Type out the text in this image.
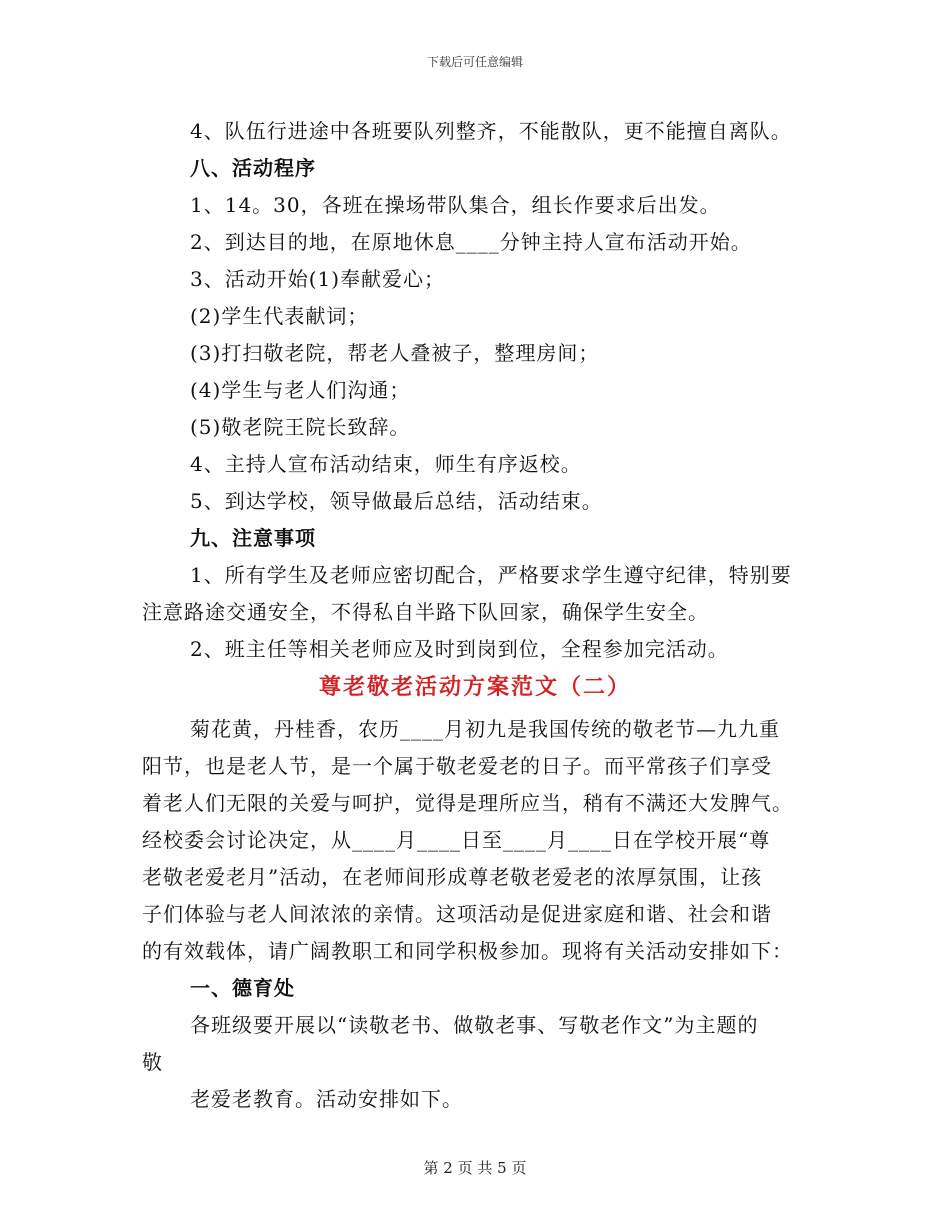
下载后可任意编辑
4、队伍行进途中各班要队列整齐，不能散队，更不能擅自离队。
八、活动程序
1、14。30，各班在操场带队集合，组长作要求后出发。
2、到达目的地，在原地休息____分钟主持人宣布活动开始。
3、活动开始(1)奉献爱心；
(2)学生代表献词；
(3)打扫敬老院，帮老人叠被子，整理房间；
(4)学生与老人们沟通；
(5)敬老院王院长致辞。
4、主持人宣布活动结束，师生有序返校。
5、到达学校，领导做最后总结，活动结束。
九、注意事项
1、所有学生及老师应密切配合，严格要求学生遵守纪律，特别要
注意路途交通安全，不得私自半路下队回家，确保学生安全。
2、班主任等相关老师应及时到岗到位，全程参加完活动。
尊老敬老活动方案范文（二）
菊花黄，丹桂香，农历____月初九是我国传统的敬老节—九九重
阳节，也是老人节，是一个属于敬老爱老的日子。而平常孩子们享受
着老人们无限的关爱与呵护，觉得是理所应当，稍有不满还大发脾气。
经校委会讨论决定，从____月____日至____月____日在学校开展“尊
老敬老爱老月”活动，在老师间形成尊老敬老爱老的浓厚氛围，让孩
子们体验与老人间浓浓的亲情。这项活动是促进家庭和谐、社会和谐
的有效载体，请广阔教职工和同学积极参加。现将有关活动安排如下：
一、德育处
各班级要开展以“读敬老书、做敬老事、写敬老作文”为主题的
敬
老爱老教育。活动安排如下。
第 2 页 共 5 页
